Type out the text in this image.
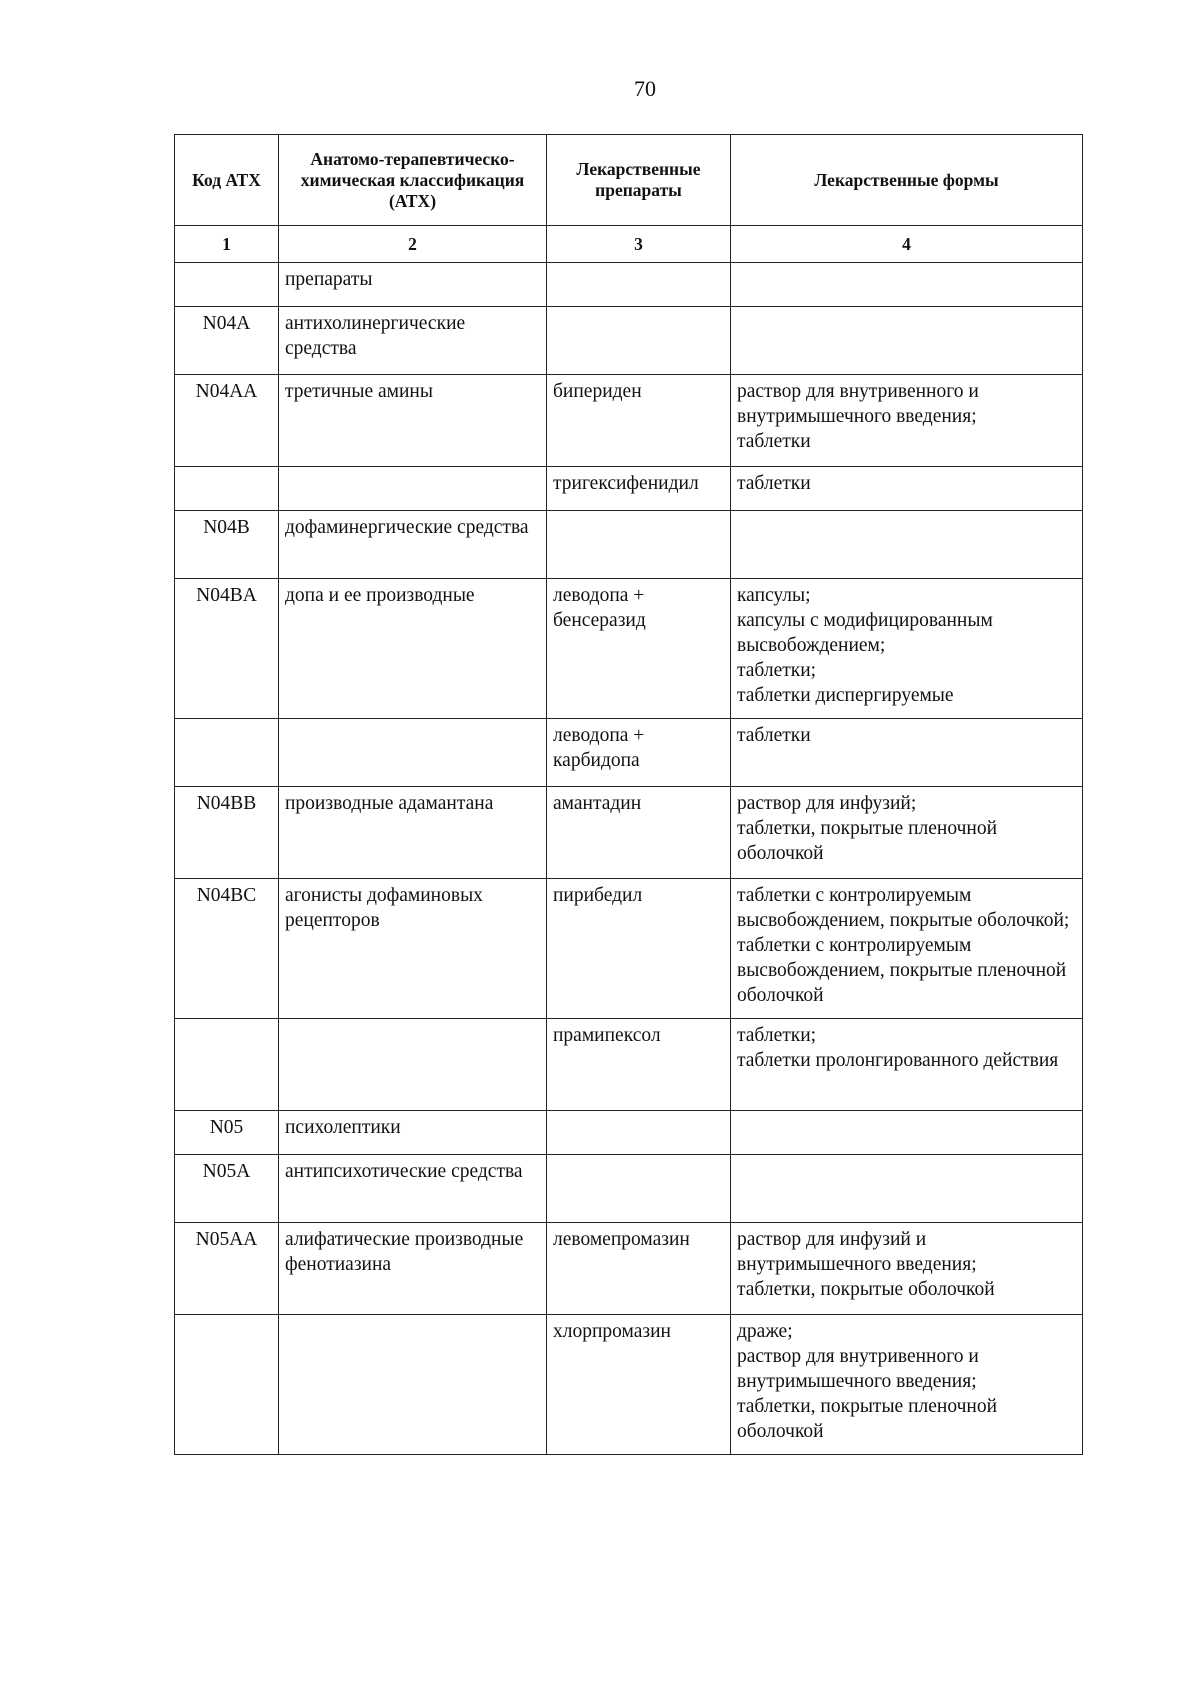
70
Код АТХ	Анатомо-терапевтическо-химическая классификация (АТХ)	Лекарственные препараты	Лекарственные формы
1	2	3	4
	препараты		
N04A	антихолинергические средства		
N04AA	третичные амины	бипериден	раствор для внутривенного и внутримышечного введения;
таблетки

		тригексифенидил	таблетки

N04B	дофаминергические средства		
N04BA	допа и ее производные	леводопа + бенсеразид	капсулы;
капсулы с модифицированным высвобождением;
таблетки;
таблетки диспергируемые

		леводопа + карбидопа	таблетки

N04BB	производные адамантана	амантадин	раствор для инфузий;
таблетки, покрытые пленочной оболочкой

N04BC	агонисты дофаминовых рецепторов	пирибедил	таблетки с контролируемым высвобождением, покрытые оболочкой;
таблетки с контролируемым высвобождением, покрытые пленочной оболочкой

		прамипексол	таблетки;
таблетки пролонгированного действия

N05	психолептики		
N05A	антипсихотические средства		
N05AA	алифатические производные фенотиазина	левомепромазин	раствор для инфузий и внутримышечного введения;
таблетки, покрытые оболочкой

		хлорпромазин	драже;
раствор для внутривенного и внутримышечного введения;
таблетки, покрытые пленочной оболочкой
